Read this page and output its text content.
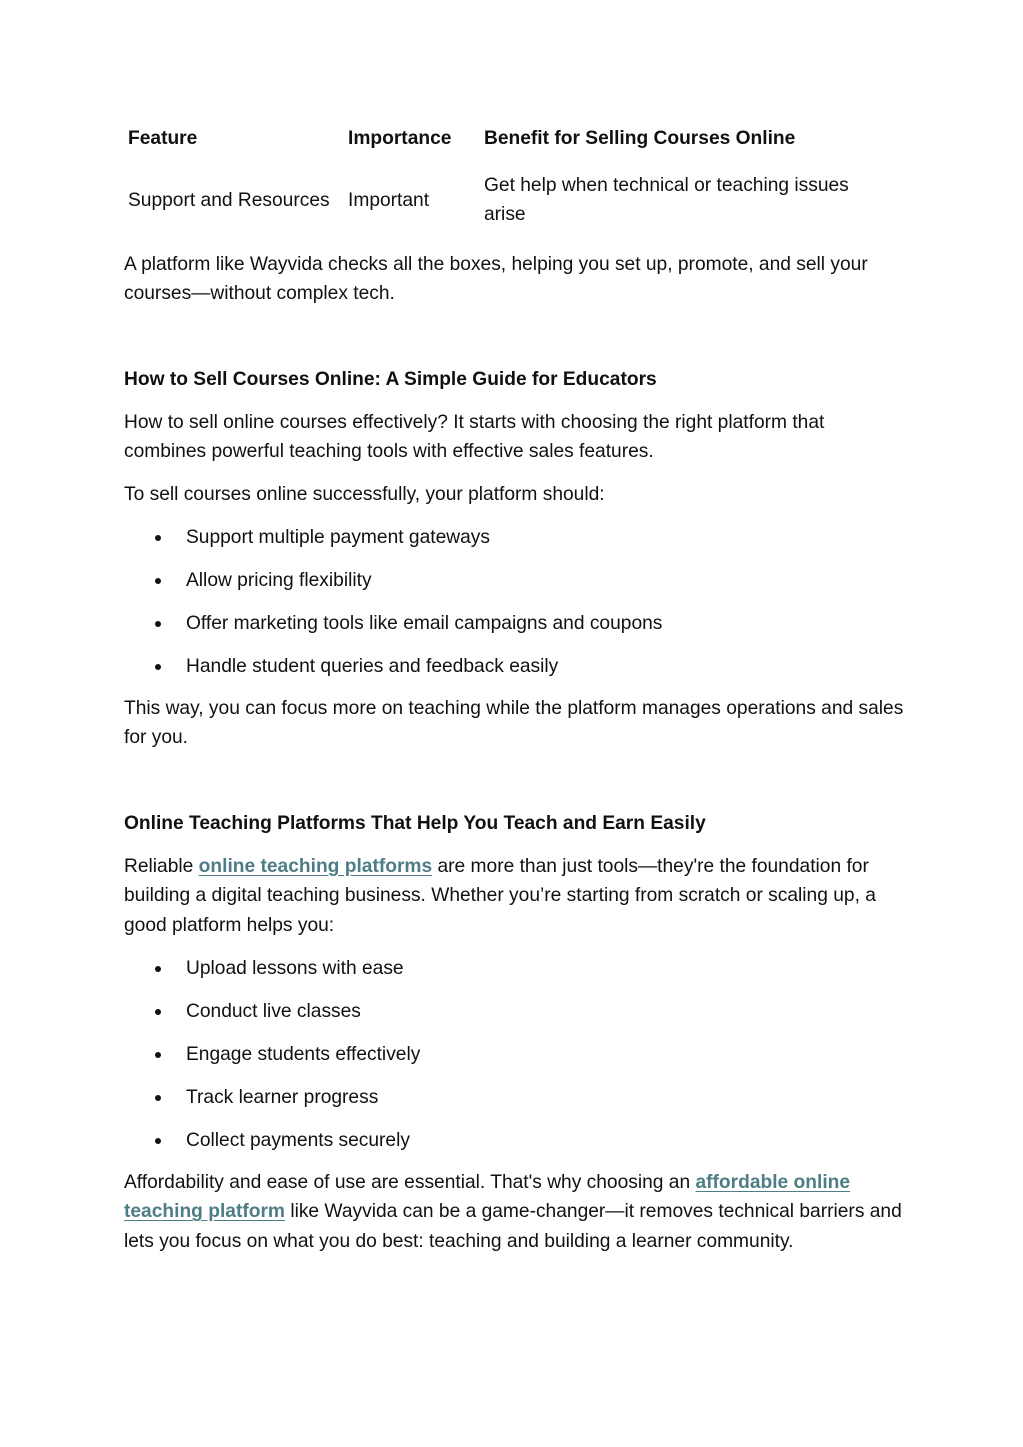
Feature	Importance	Benefit for Selling Courses Online
Support and Resources	Important	Get help when technical or teaching issues arise

A platform like Wayvida checks all the boxes, helping you set up, promote, and sell your courses—without complex tech.

How to Sell Courses Online: A Simple Guide for Educators

How to sell online courses effectively? It starts with choosing the right platform that combines powerful teaching tools with effective sales features.

To sell courses online successfully, your platform should:

Support multiple payment gateways
Allow pricing flexibility
Offer marketing tools like email campaigns and coupons
Handle student queries and feedback easily

This way, you can focus more on teaching while the platform manages operations and sales for you.

Online Teaching Platforms That Help You Teach and Earn Easily

Reliable online teaching platforms are more than just tools—they're the foundation for building a digital teaching business. Whether you’re starting from scratch or scaling up, a good platform helps you:

Upload lessons with ease
Conduct live classes
Engage students effectively
Track learner progress
Collect payments securely

Affordability and ease of use are essential. That's why choosing an affordable online teaching platform like Wayvida can be a game-changer—it removes technical barriers and lets you focus on what you do best: teaching and building a learner community.
